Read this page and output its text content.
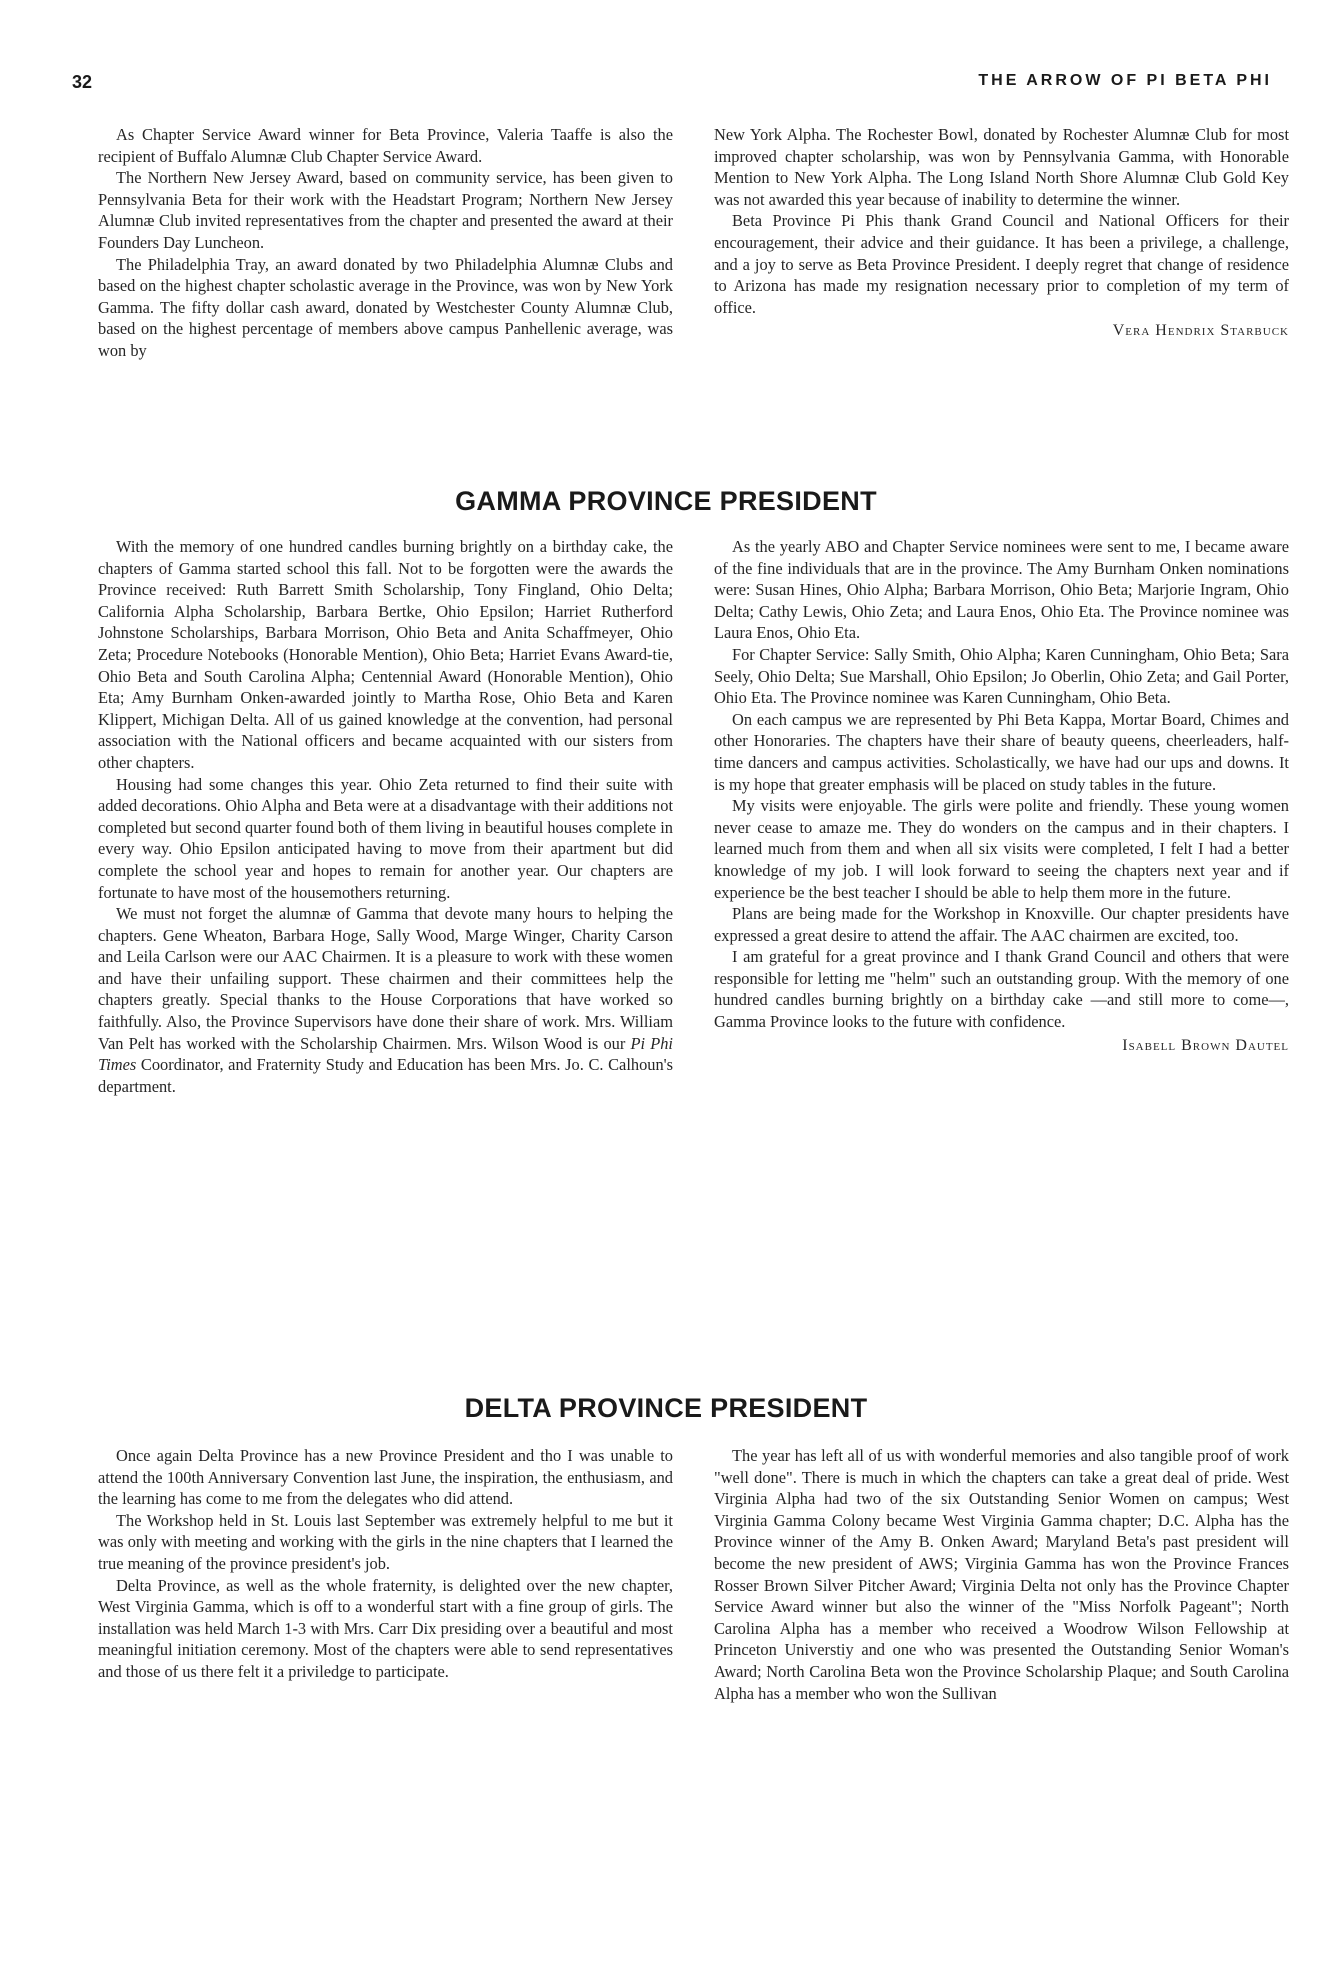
32	THE ARROW OF PI BETA PHI

As Chapter Service Award winner for Beta Province, Valeria Taaffe is also the recipient of Buffalo Alumnæ Club Chapter Service Award.

The Northern New Jersey Award, based on community service, has been given to Pennsylvania Beta for their work with the Headstart Program; Northern New Jersey Alumnæ Club invited representatives from the chapter and presented the award at their Founders Day Luncheon.

The Philadelphia Tray, an award donated by two Philadelphia Alumnæ Clubs and based on the highest chapter scholastic average in the Province, was won by New York Gamma. The fifty dollar cash award, donated by Westchester County Alumnæ Club, based on the highest percentage of members above campus Panhellenic average, was won by

New York Alpha. The Rochester Bowl, donated by Rochester Alumnæ Club for most improved chapter scholarship, was won by Pennsylvania Gamma, with Honorable Mention to New York Alpha. The Long Island North Shore Alumnæ Club Gold Key was not awarded this year because of inability to determine the winner.

Beta Province Pi Phis thank Grand Council and National Officers for their encouragement, their advice and their guidance. It has been a privilege, a challenge, and a joy to serve as Beta Province President. I deeply regret that change of residence to Arizona has made my resignation necessary prior to completion of my term of office.

Vera Hendrix Starbuck
GAMMA PROVINCE PRESIDENT

With the memory of one hundred candles burning brightly on a birthday cake, the chapters of Gamma started school this fall. Not to be forgotten were the awards the Province received: Ruth Barrett Smith Scholarship, Tony Fingland, Ohio Delta; California Alpha Scholarship, Barbara Bertke, Ohio Epsilon; Harriet Rutherford Johnstone Scholarships, Barbara Morrison, Ohio Beta and Anita Schaffmeyer, Ohio Zeta; Procedure Notebooks (Honorable Mention), Ohio Beta; Harriet Evans Award-tie, Ohio Beta and South Carolina Alpha; Centennial Award (Honorable Mention), Ohio Eta; Amy Burnham Onken-awarded jointly to Martha Rose, Ohio Beta and Karen Klippert, Michigan Delta. All of us gained knowledge at the convention, had personal association with the National officers and became acquainted with our sisters from other chapters.

Housing had some changes this year. Ohio Zeta returned to find their suite with added decorations. Ohio Alpha and Beta were at a disadvantage with their additions not completed but second quarter found both of them living in beautiful houses complete in every way. Ohio Epsilon anticipated having to move from their apartment but did complete the school year and hopes to remain for another year. Our chapters are fortunate to have most of the housemothers returning.

We must not forget the alumnæ of Gamma that devote many hours to helping the chapters. Gene Wheaton, Barbara Hoge, Sally Wood, Marge Winger, Charity Carson and Leila Carlson were our AAC Chairmen. It is a pleasure to work with these women and have their unfailing support. These chairmen and their committees help the chapters greatly. Special thanks to the House Corporations that have worked so faithfully. Also, the Province Supervisors have done their share of work. Mrs. William Van Pelt has worked with the Scholarship Chairmen. Mrs. Wilson Wood is our Pi Phi Times Coordinator, and Fraternity Study and Education has been Mrs. Jo. C. Calhoun's department.

As the yearly ABO and Chapter Service nominees were sent to me, I became aware of the fine individuals that are in the province. The Amy Burnham Onken nominations were: Susan Hines, Ohio Alpha; Barbara Morrison, Ohio Beta; Marjorie Ingram, Ohio Delta; Cathy Lewis, Ohio Zeta; and Laura Enos, Ohio Eta. The Province nominee was Laura Enos, Ohio Eta.

For Chapter Service: Sally Smith, Ohio Alpha; Karen Cunningham, Ohio Beta; Sara Seely, Ohio Delta; Sue Marshall, Ohio Epsilon; Jo Oberlin, Ohio Zeta; and Gail Porter, Ohio Eta. The Province nominee was Karen Cunningham, Ohio Beta.

On each campus we are represented by Phi Beta Kappa, Mortar Board, Chimes and other Honoraries. The chapters have their share of beauty queens, cheerleaders, half-time dancers and campus activities. Scholastically, we have had our ups and downs. It is my hope that greater emphasis will be placed on study tables in the future.

My visits were enjoyable. The girls were polite and friendly. These young women never cease to amaze me. They do wonders on the campus and in their chapters. I learned much from them and when all six visits were completed, I felt I had a better knowledge of my job. I will look forward to seeing the chapters next year and if experience be the best teacher I should be able to help them more in the future.

Plans are being made for the Workshop in Knoxville. Our chapter presidents have expressed a great desire to attend the affair. The AAC chairmen are excited, too.

I am grateful for a great province and I thank Grand Council and others that were responsible for letting me "helm" such an outstanding group. With the memory of one hundred candles burning brightly on a birthday cake —and still more to come—, Gamma Province looks to the future with confidence.

Isabell Brown Dautel
DELTA PROVINCE PRESIDENT

Once again Delta Province has a new Province President and tho I was unable to attend the 100th Anniversary Convention last June, the inspiration, the enthusiasm, and the learning has come to me from the delegates who did attend.

The Workshop held in St. Louis last September was extremely helpful to me but it was only with meeting and working with the girls in the nine chapters that I learned the true meaning of the province president's job.

Delta Province, as well as the whole fraternity, is delighted over the new chapter, West Virginia Gamma, which is off to a wonderful start with a fine group of girls. The installation was held March 1-3 with Mrs. Carr Dix presiding over a beautiful and most meaningful initiation ceremony. Most of the chapters were able to send representatives and those of us there felt it a priviledge to participate.

The year has left all of us with wonderful memories and also tangible proof of work "well done". There is much in which the chapters can take a great deal of pride. West Virginia Alpha had two of the six Outstanding Senior Women on campus; West Virginia Gamma Colony became West Virginia Gamma chapter; D.C. Alpha has the Province winner of the Amy B. Onken Award; Maryland Beta's past president will become the new president of AWS; Virginia Gamma has won the Province Frances Rosser Brown Silver Pitcher Award; Virginia Delta not only has the Province Chapter Service Award winner but also the winner of the "Miss Norfolk Pageant"; North Carolina Alpha has a member who received a Woodrow Wilson Fellowship at Princeton Universtiy and one who was presented the Outstanding Senior Woman's Award; North Carolina Beta won the Province Scholarship Plaque; and South Carolina Alpha has a member who won the Sullivan
